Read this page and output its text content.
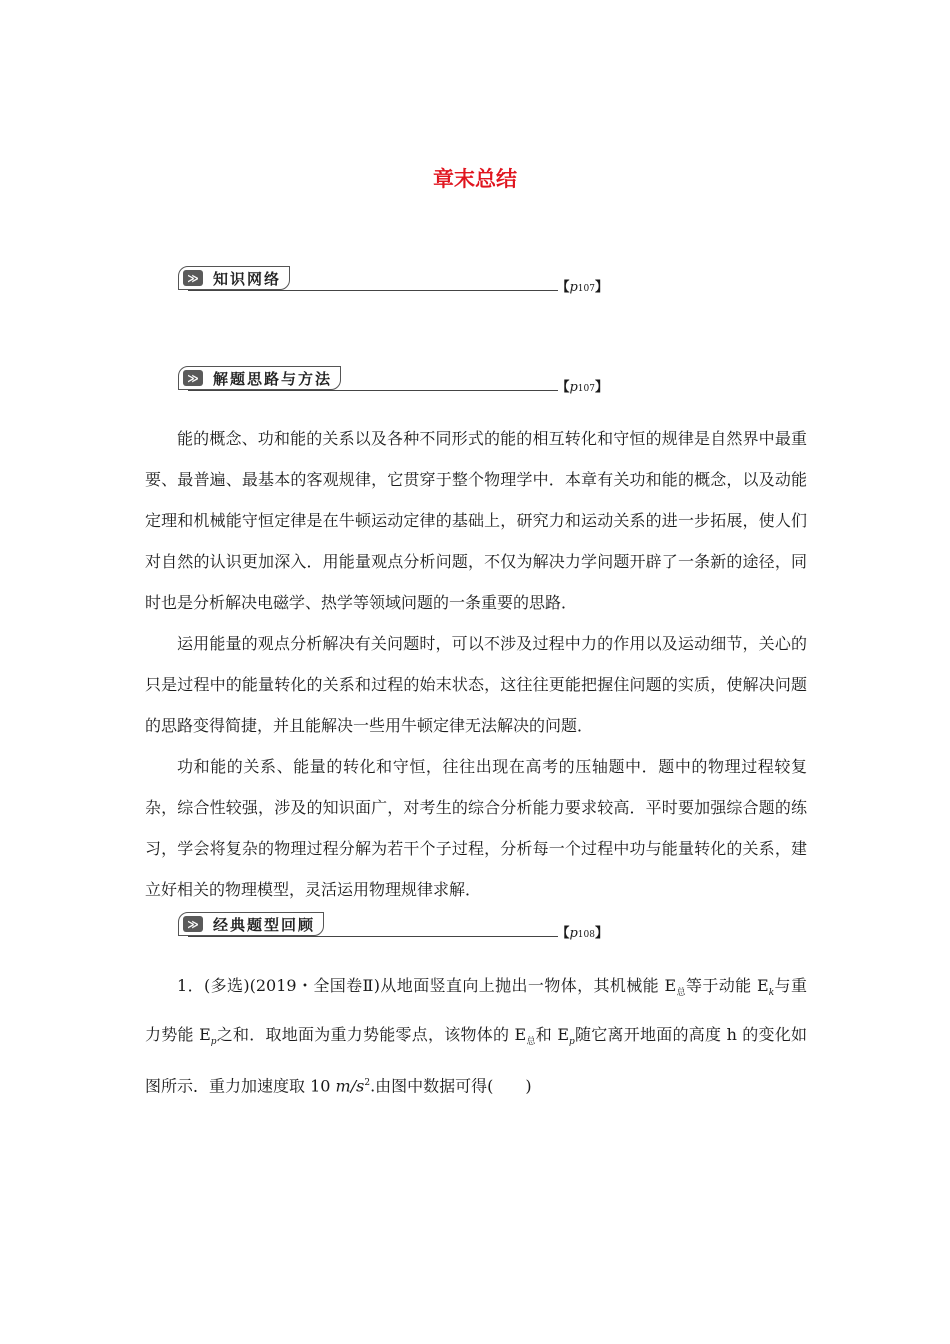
章末总结
≫ 知识网络	【p107】
≫ 解题思路与方法	【p107】

能的概念、功和能的关系以及各种不同形式的能的相互转化和守恒的规律是自然界中最重要、最普遍、最基本的客观规律，它贯穿于整个物理学中．本章有关功和能的概念，以及动能定理和机械能守恒定律是在牛顿运动定律的基础上，研究力和运动关系的进一步拓展，使人们对自然的认识更加深入．用能量观点分析问题，不仅为解决力学问题开辟了一条新的途径，同时也是分析解决电磁学、热学等领域问题的一条重要的思路．

运用能量的观点分析解决有关问题时，可以不涉及过程中力的作用以及运动细节，关心的只是过程中的能量转化的关系和过程的始末状态，这往往更能把握住问题的实质，使解决问题的思路变得简捷，并且能解决一些用牛顿定律无法解决的问题．

功和能的关系、能量的转化和守恒，往往出现在高考的压轴题中．题中的物理过程较复杂，综合性较强，涉及的知识面广，对考生的综合分析能力要求较高．平时要加强综合题的练习，学会将复杂的物理过程分解为若干个子过程，分析每一个过程中功与能量转化的关系，建立好相关的物理模型，灵活运用物理规律求解．

≫ 经典题型回顾	【p108】

1．(多选)(2019・全国卷Ⅱ)从地面竖直向上抛出一物体，其机械能 $E_总$等于动能 $E_k$与重力势能 $E_p$之和．取地面为重力势能零点，该物体的 $E_总$和 $E_p$随它离开地面的高度 h 的变化如图所示．重力加速度取 10 $m/s^2$.由图中数据可得(　　)
